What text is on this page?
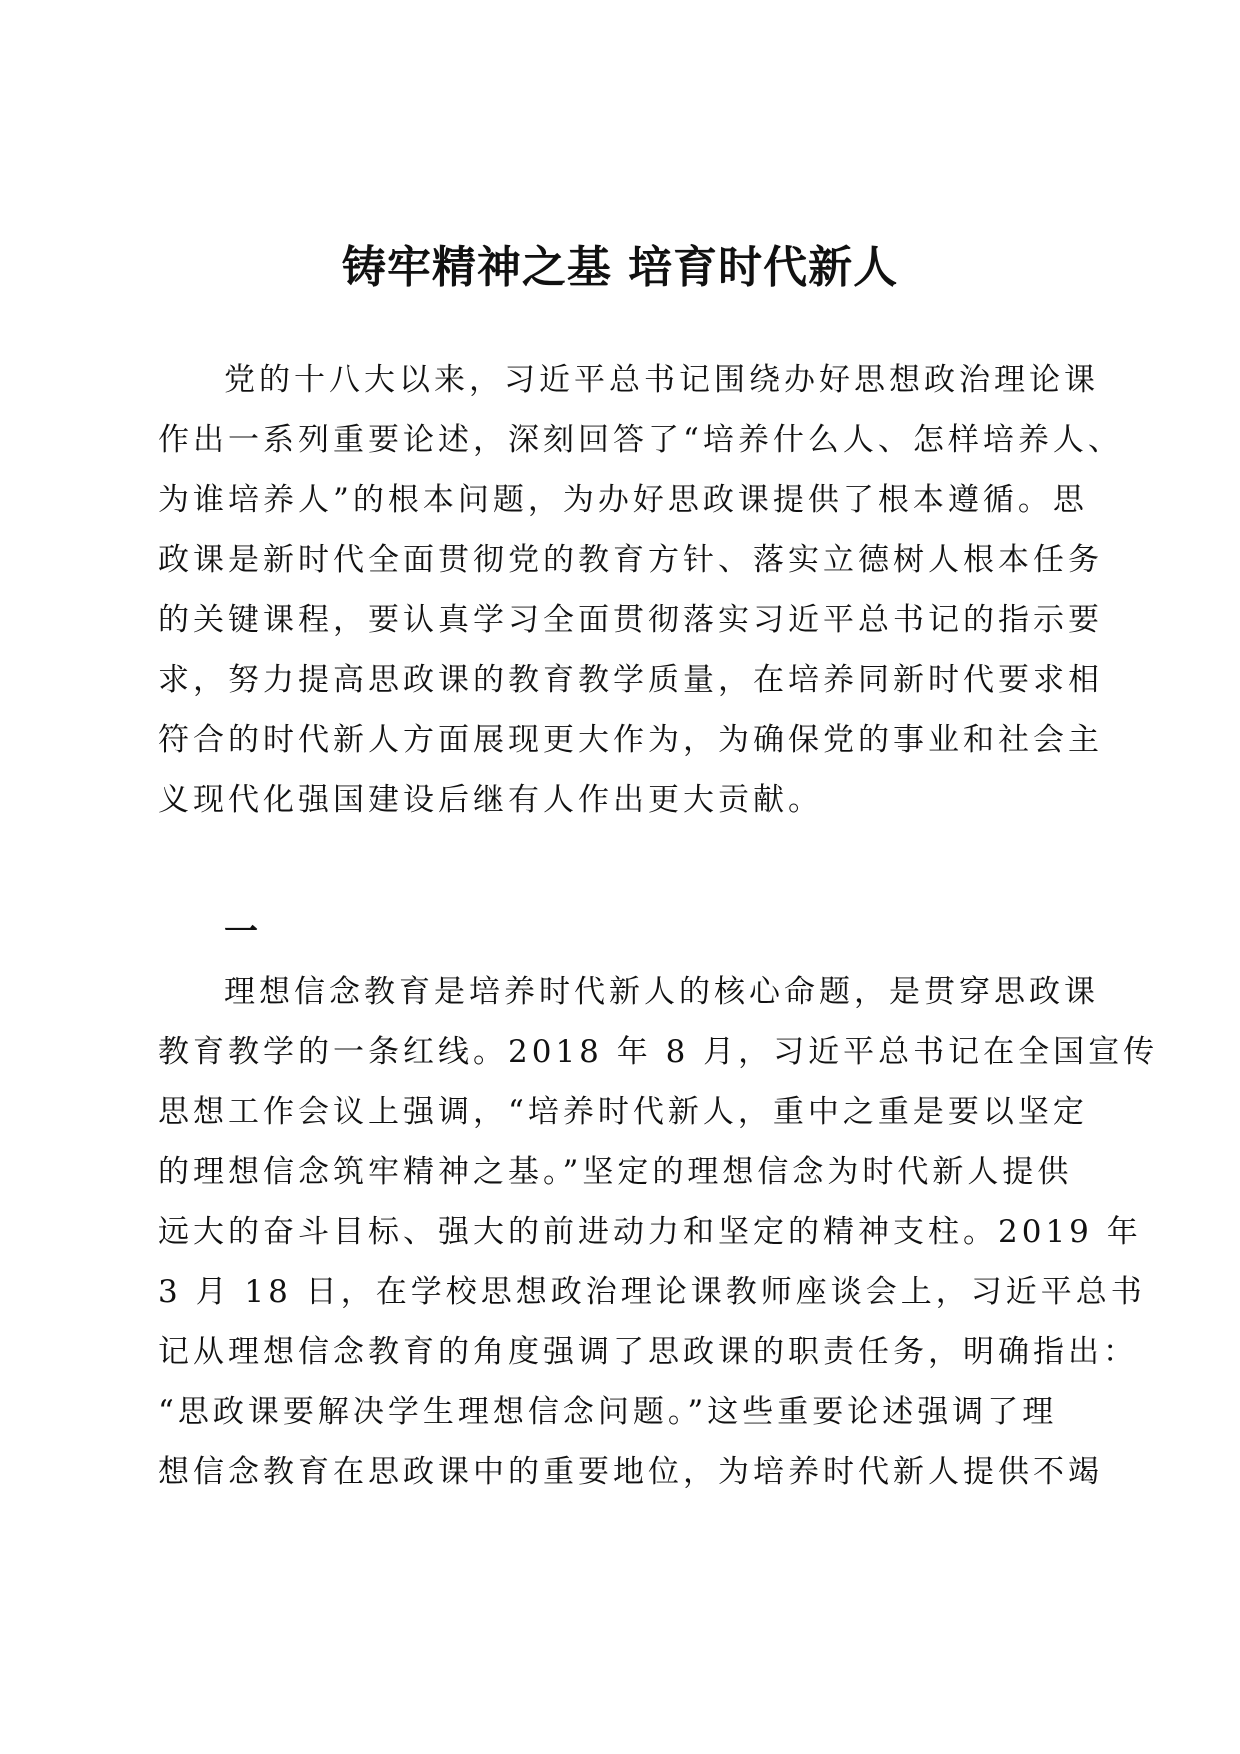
铸牢精神之基 培育时代新人
党的十八大以来，习近平总书记围绕办好思想政治理论课
作出一系列重要论述，深刻回答了“培养什么人、怎样培养人、
为谁培养人”的根本问题，为办好思政课提供了根本遵循。思
政课是新时代全面贯彻党的教育方针、落实立德树人根本任务
的关键课程，要认真学习全面贯彻落实习近平总书记的指示要
求，努力提高思政课的教育教学质量，在培养同新时代要求相
符合的时代新人方面展现更大作为，为确保党的事业和社会主
义现代化强国建设后继有人作出更大贡献。
一
理想信念教育是培养时代新人的核心命题，是贯穿思政课
教育教学的一条红线。2018 年 8 月，习近平总书记在全国宣传
思想工作会议上强调，“培养时代新人，重中之重是要以坚定
的理想信念筑牢精神之基。”坚定的理想信念为时代新人提供
远大的奋斗目标、强大的前进动力和坚定的精神支柱。2019 年
3 月 18 日，在学校思想政治理论课教师座谈会上，习近平总书
记从理想信念教育的角度强调了思政课的职责任务，明确指出：
“思政课要解决学生理想信念问题。”这些重要论述强调了理
想信念教育在思政课中的重要地位，为培养时代新人提供不竭
